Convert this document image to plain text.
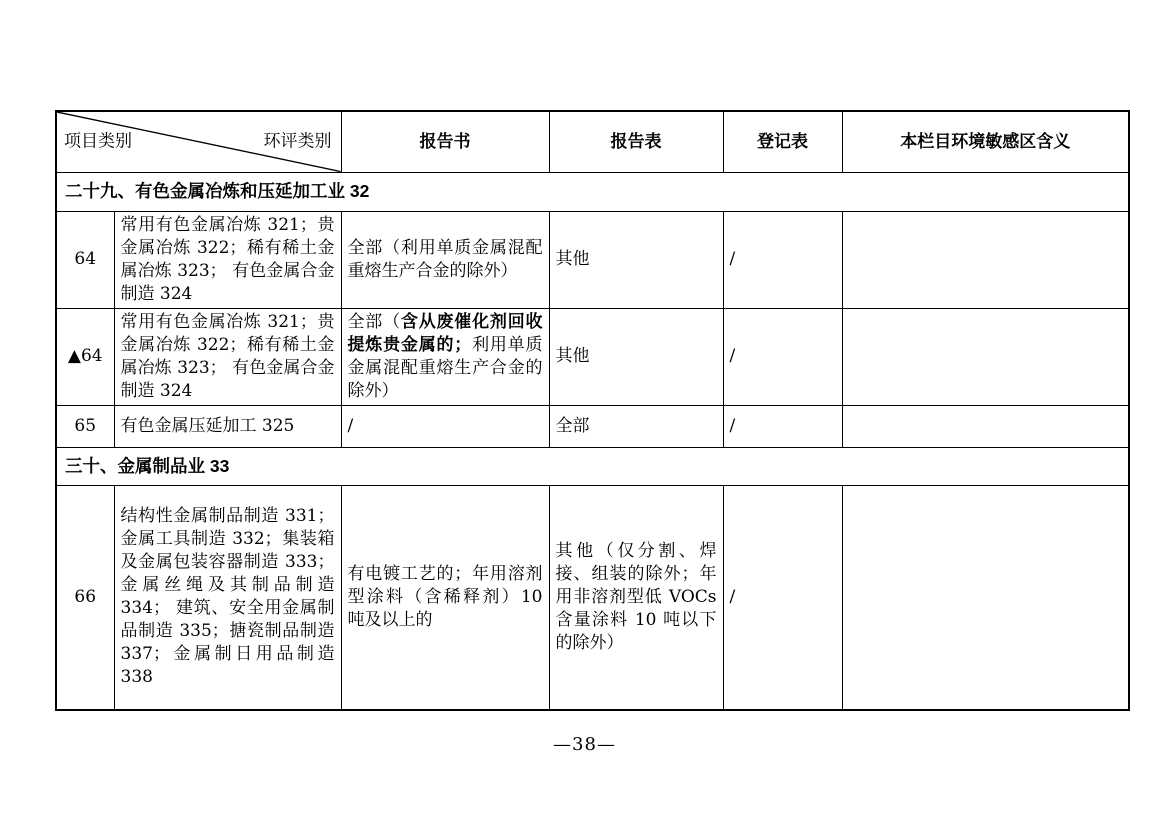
项目类别 环评类别		报告书	报告表	登记表	本栏目环境敏感区含义
二十九、有色金属冶炼和压延加工业 32					
64	常用有色金属冶炼 321；贵金属冶炼 322；稀有稀土金属冶炼 323； 有色金属合金制造 324	全部（利用单质金属混配重熔生产合金的除外）	其他	/	
▲64	常用有色金属冶炼 321；贵金属冶炼 322；稀有稀土金属冶炼 323； 有色金属合金制造 324	全部（含从废催化剂回收提炼贵金属的；利用单质金属混配重熔生产合金的除外）	其他	/	
65	有色金属压延加工 325	/	全部	/	
三十、金属制品业 33					
66	结构性金属制品制造 331；金属工具制造 332；集装箱及金属包装容器制造 333；金属丝绳及其制品制造 334； 建筑、安全用金属制品制造 335；搪瓷制品制造 337；金属制日用品制造 338	有电镀工艺的；年用溶剂型涂料（含稀释剂）10 吨及以上的	其他（仅分割、焊接、组装的除外；年用非溶剂型低 VOCs 含量涂料 10 吨以下的除外）	/	
—38—
